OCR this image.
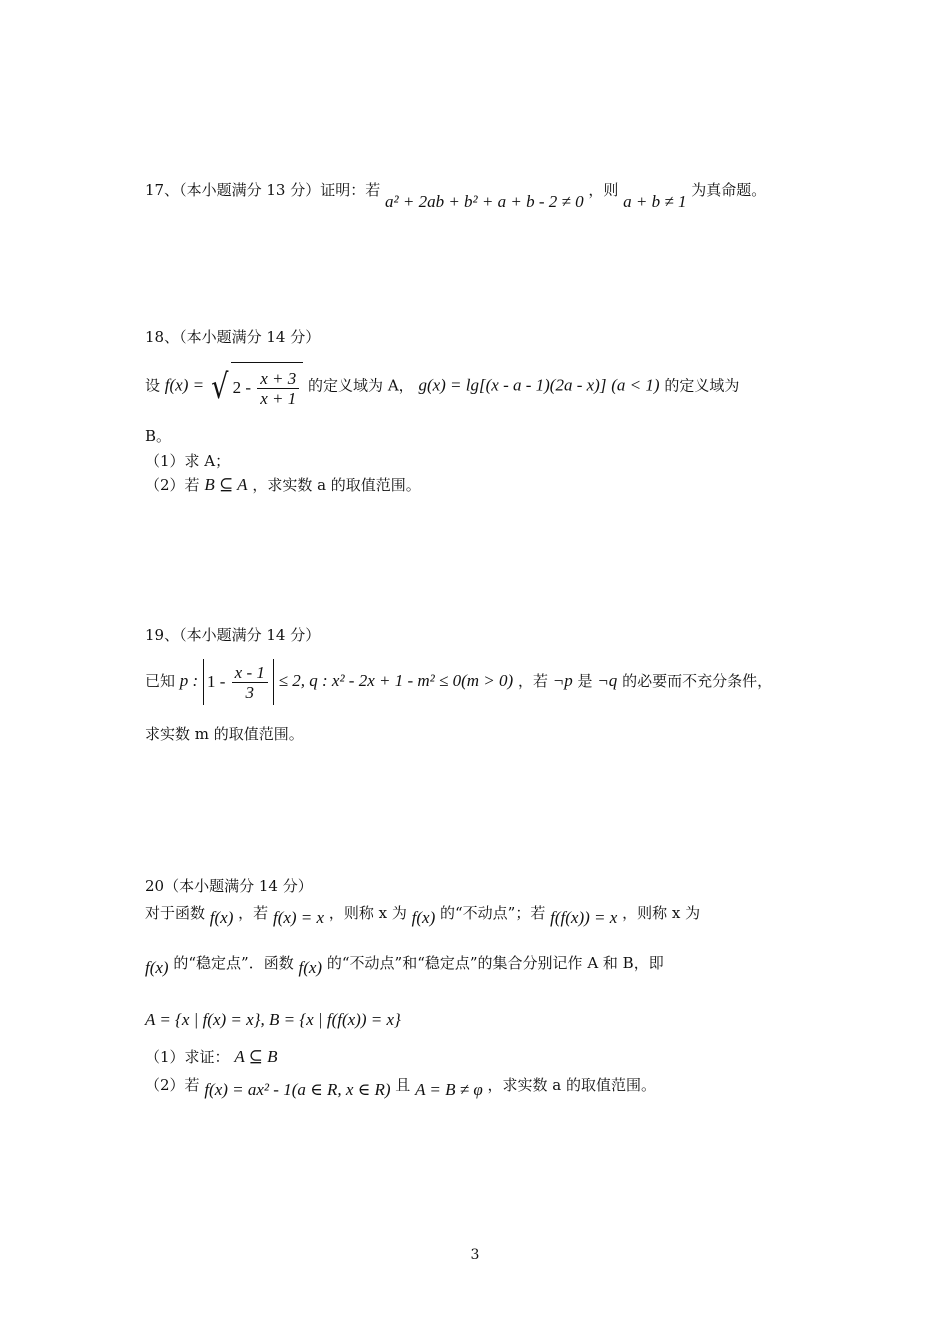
17、（本小题满分 13 分）证明：若 a² + 2ab + b² + a + b - 2 ≠ 0 ，则 a + b ≠ 1 为真命题。
18、（本小题满分 14 分）
设 f(x) = √ $2 - \frac{x + 3}{x + 1}$ 的定义域为 A， g(x) = lg[(x - a - 1)(2a - x)] (a < 1) 的定义域为
B。
（1）求 A；
（2）若 B ⊆ A ，求实数 a 的取值范围。
19、（本小题满分 14 分）
已知 p : $1 - \frac{x - 1}{3} \le 2$, q : x² - 2x + 1 - m² ≤ 0(m > 0) ，若 ¬p 是 ¬q 的必要而不充分条件，
求实数 m 的取值范围。
20（本小题满分 14 分）
对于函数 f(x) ，若 f(x) = x ，则称 x 为 f(x) 的“不动点”；若 f(f(x)) = x ，则称 x 为
f(x) 的“稳定点”．函数 f(x) 的“不动点”和“稳定点”的集合分别记作 A 和 B，即
A = {x | f(x) = x}, B = {x | f(f(x)) = x}
（1）求证： A ⊆ B
（2）若 f(x) = ax² - 1(a ∈ R, x ∈ R) 且 A = B ≠ φ ，求实数 a 的取值范围。
3
